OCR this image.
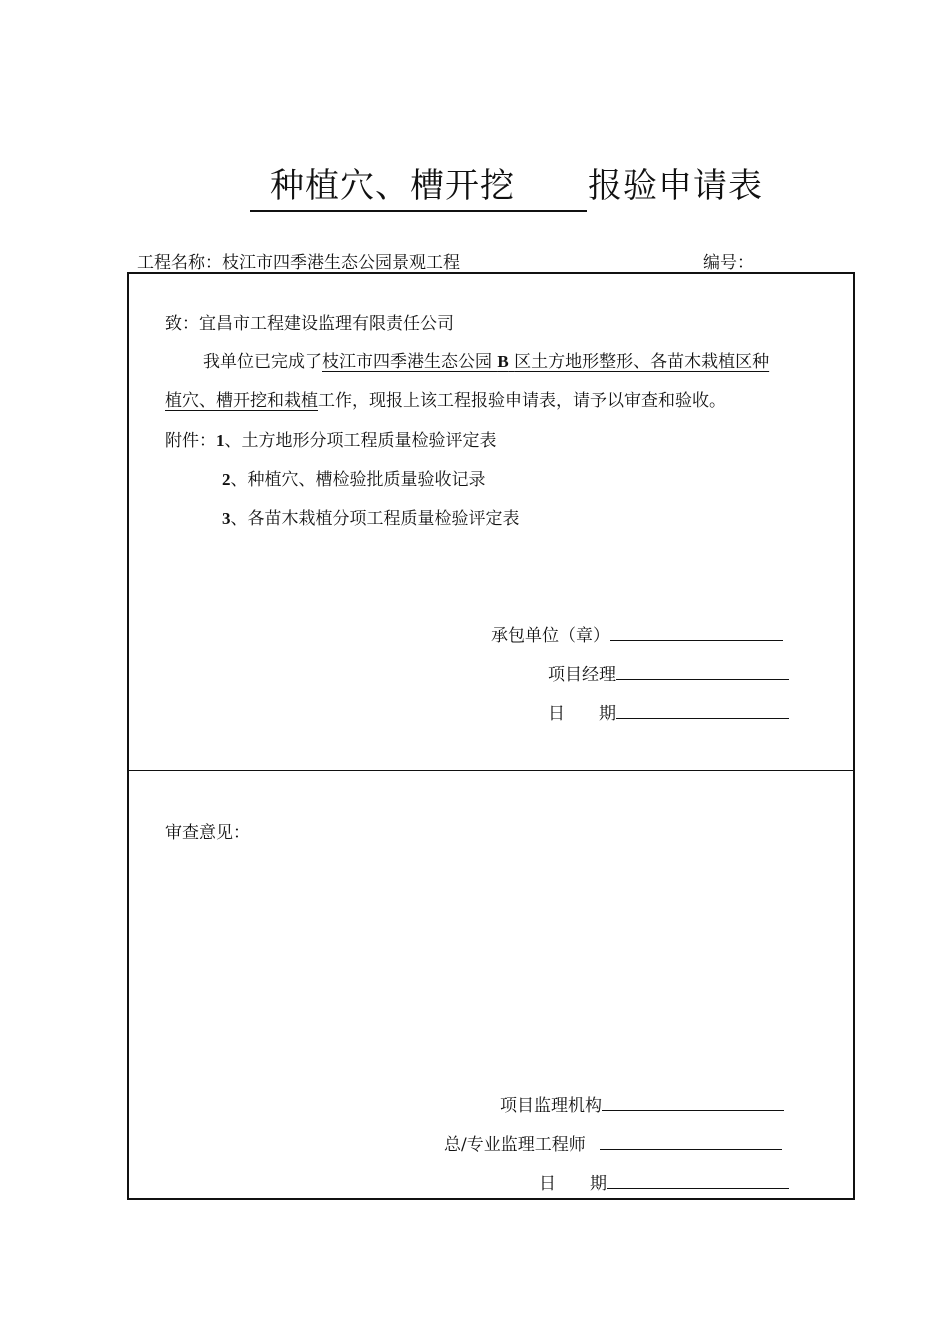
种植穴、槽开挖 报验申请表
工程名称：枝江市四季港生态公园景观工程	编号：
致：宜昌市工程建设监理有限责任公司
我单位已完成了枝江市四季港生态公园 B 区土方地形整形、各苗木栽植区种
植穴、槽开挖和栽植工作，现报上该工程报验申请表，请予以审查和验收。
附件：1、土方地形分项工程质量检验评定表
2、种植穴、槽检验批质量验收记录
3、各苗木栽植分项工程质量检验评定表
承包单位（章）
项目经理
日　　期
审查意见：
项目监理机构
总/专业监理工程师
日　　期
